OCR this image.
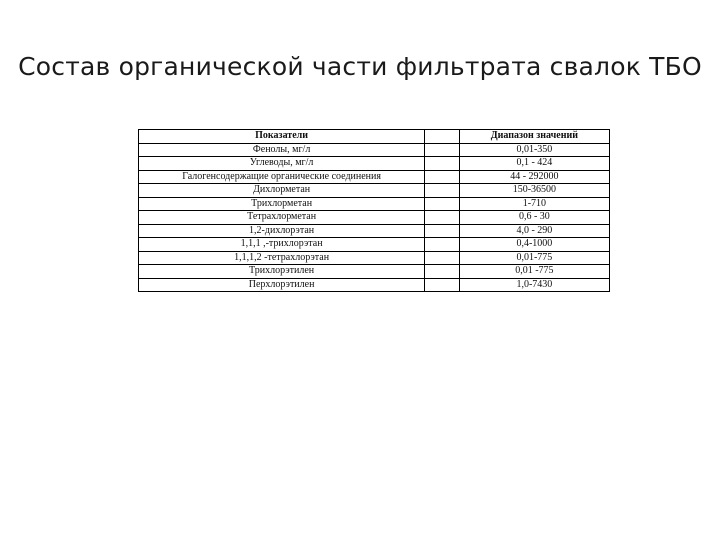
Состав органической части фильтрата свалок ТБО
Показатели		Диапазон значений
Фенолы, мг/л		0,01-350
Углеводы, мг/л		0,1 - 424
Галогенсодержащие органические соединения		44 - 292000
Дихлорметан		150-36500
Трихлорметан		1-710
Тетрахлорметан		0,6 - 30
1,2-дихлорэтан		4,0 - 290
1,1,1 ,-трихлорэтан		0,4-1000
1,1,1,2 -тетрахлорэтан		0,01-775
Трихлорэтилен		0,01 -775
Перхлорэтилен		1,0-7430
